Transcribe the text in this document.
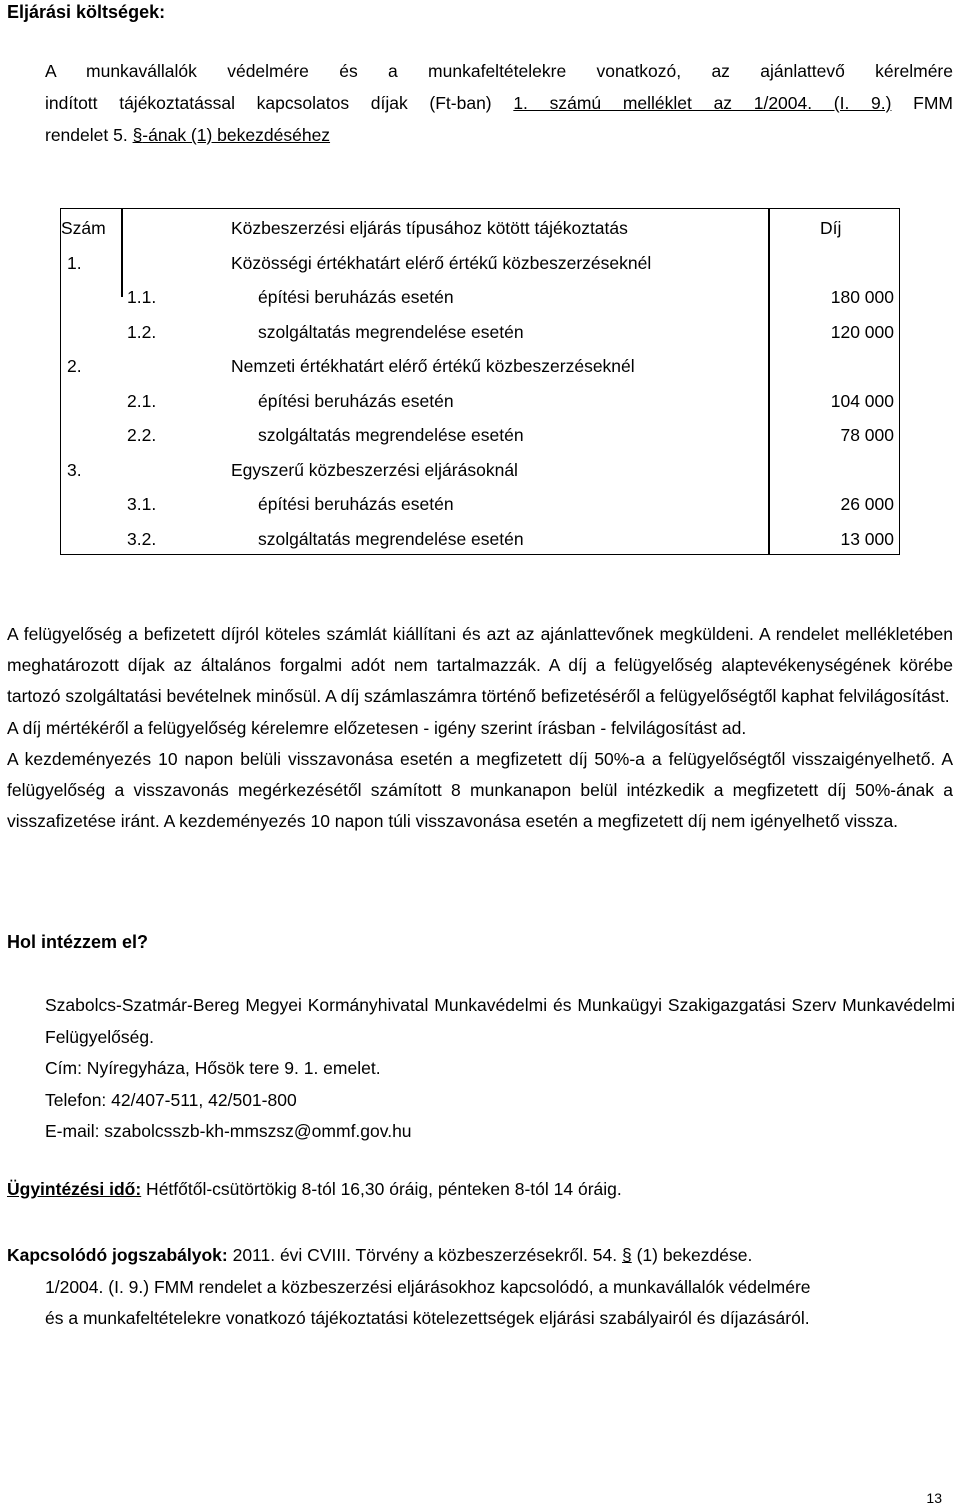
Eljárási költségek:
A munkavállalók védelmére és a munkafeltételekre vonatkozó, az ajánlattevő kérelmére
indított tájékoztatással kapcsolatos díjak (Ft-ban) 1. számú melléklet az 1/2004. (I. 9.) FMM
rendelet 5. §-ának (1) bekezdéséhez
Szám	Közbeszerzési eljárás típusához kötött tájékoztatás	Díj
1.	Közösségi értékhatárt elérő értékű közbeszerzéseknél
1.1.	építési beruházás esetén	180 000
1.2.	szolgáltatás megrendelése esetén	120 000
2.	Nemzeti értékhatárt elérő értékű közbeszerzéseknél
2.1.	építési beruházás esetén	104 000
2.2.	szolgáltatás megrendelése esetén	78 000
3.	Egyszerű közbeszerzési eljárásoknál
3.1.	építési beruházás esetén	26 000
3.2.	szolgáltatás megrendelése esetén	13 000

A felügyelőség a befizetett díjról köteles számlát kiállítani és azt az ajánlattevőnek megküldeni. A rendelet mellékletében meghatározott díjak az általános forgalmi adót nem tartalmazzák. A díj a felügyelőség alaptevékenységének körébe tartozó szolgáltatási bevételnek minősül. A díj számlaszámra történő befizetéséről a felügyelőségtől kaphat felvilágosítást.

A díj mértékéről a felügyelőség kérelemre előzetesen - igény szerint írásban - felvilágosítást ad.

A kezdeményezés 10 napon belüli visszavonása esetén a megfizetett díj 50%-a a felügyelőségtől visszaigényelhető. A felügyelőség a visszavonás megérkezésétől számított 8 munkanapon belül intézkedik a megfizetett díj 50%-ának a visszafizetése iránt. A kezdeményezés 10 napon túli visszavonása esetén a megfizetett díj nem igényelhető vissza.

Hol intézzem el?
Szabolcs-Szatmár-Bereg Megyei Kormányhivatal Munkavédelmi és Munkaügyi Szakigazgatási Szerv Munkavédelmi Felügyelőség.
Cím: Nyíregyháza, Hősök tere 9. 1. emelet.
Telefon: 42/407-511, 42/501-800
E-mail: szabolcsszb-kh-mmszsz@ommf.gov.hu
Ügyintézési idő: Hétfőtől-csütörtökig 8-tól 16,30 óráig, pénteken 8-tól 14 óráig.
Kapcsolódó jogszabályok: 2011. évi CVIII. Törvény a közbeszerzésekről. 54. § (1) bekezdése.
1/2004. (I. 9.) FMM rendelet a közbeszerzési eljárásokhoz kapcsolódó, a munkavállalók védelmére
és a munkafeltételekre vonatkozó tájékoztatási kötelezettségek eljárási szabályairól és díjazásáról.
13
